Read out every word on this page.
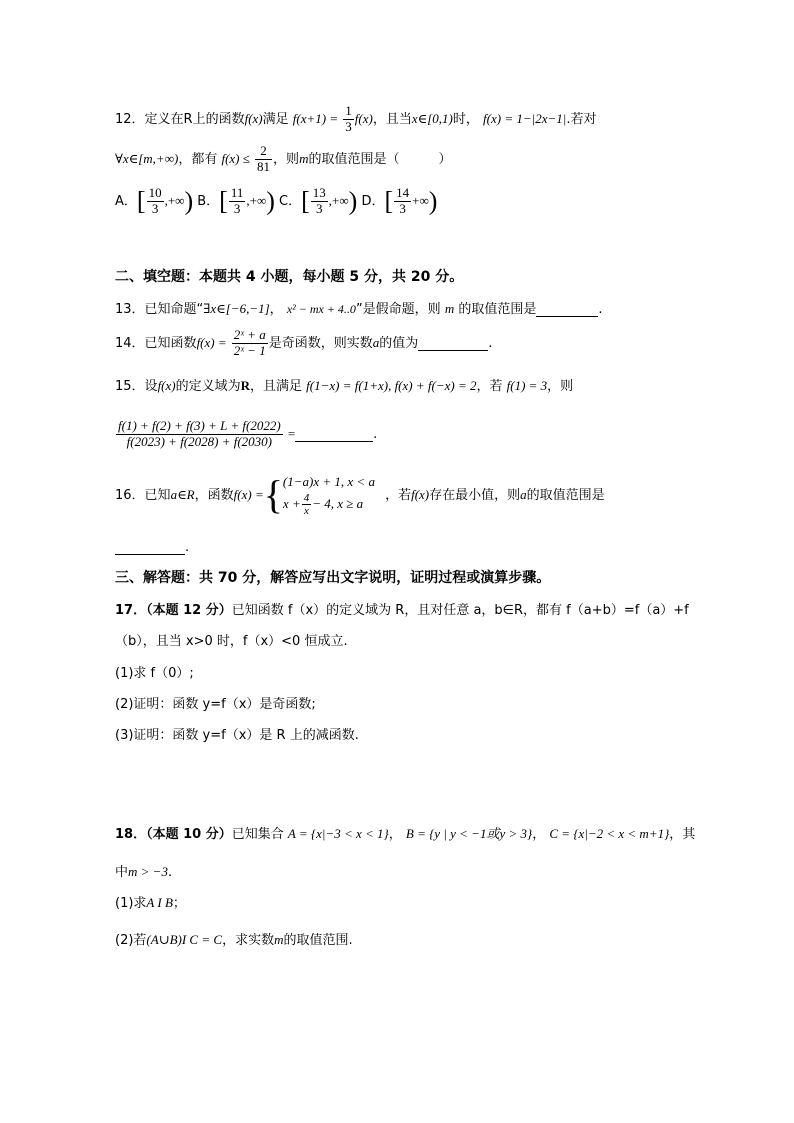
12．定义在R上的函数f(x)满足 $f(x+1) = \frac{1}{3} f(x)$，且当x∈[0,1)时， f(x) = 1−|2x−1|.若对
∀x∈[m,+∞)，都有 $f(x) \le \frac{2}{81}$ ，则m的取值范围是（　　　）
A．[ $\frac{10}{3}$ ,+∞) B．[ $\frac{11}{3}$ ,+∞) C．[ $\frac{13}{3}$ ,+∞) D．[ $\frac{14}{3}$ +∞)
二、填空题：本题共 4 小题，每小题 5 分，共 20 分。
13．已知命题“∃x∈[−6,−1]， x² − mx + 4..0”是假命题，则 m 的取值范围是	.
14．已知函数$f(x) = \frac{\text{2ˣ + a}}{\text{2ˣ − 1}}$ 是奇函数，则实数a的值为	.
15．设f(x)的定义域为R，且满足 f(1−x) = f(1+x), f(x) + f(−x) = 2，若 f(1) = 3，则
$\frac{f(1) + f(2) + f(3) + L + f(2022)}{f(2023) + f(2028) + f(2030)}$ =	.
16．已知a∈R，函数f(x) ={ (1−a)x + 1, x < a
$x + \frac{4}{x} - 4$, x ≥ a
，若f(x)存在最小值，则a的取值范围是
.
三、解答题：共 70 分，解答应写出文字说明，证明过程或演算步骤。
17．（本题 12 分）已知函数 f（x）的定义域为 R，且对任意 a，b∈R，都有 f（a+b）=f（a）+f
（b），且当 x>0 时，f（x）<0 恒成立.
(1)求 f（0）;
(2)证明：函数 y=f（x）是奇函数;
(3)证明：函数 y=f（x）是 R 上的减函数.
18．（本题 10 分）已知集合 A = {x|−3 < x < 1}， B = {y | y < −1或y > 3}， C = {x|−2 < x < m+1}，其
中m > −3.
(1)求A I B；
(2)若(A∪B)I C = C，求实数m的取值范围.
